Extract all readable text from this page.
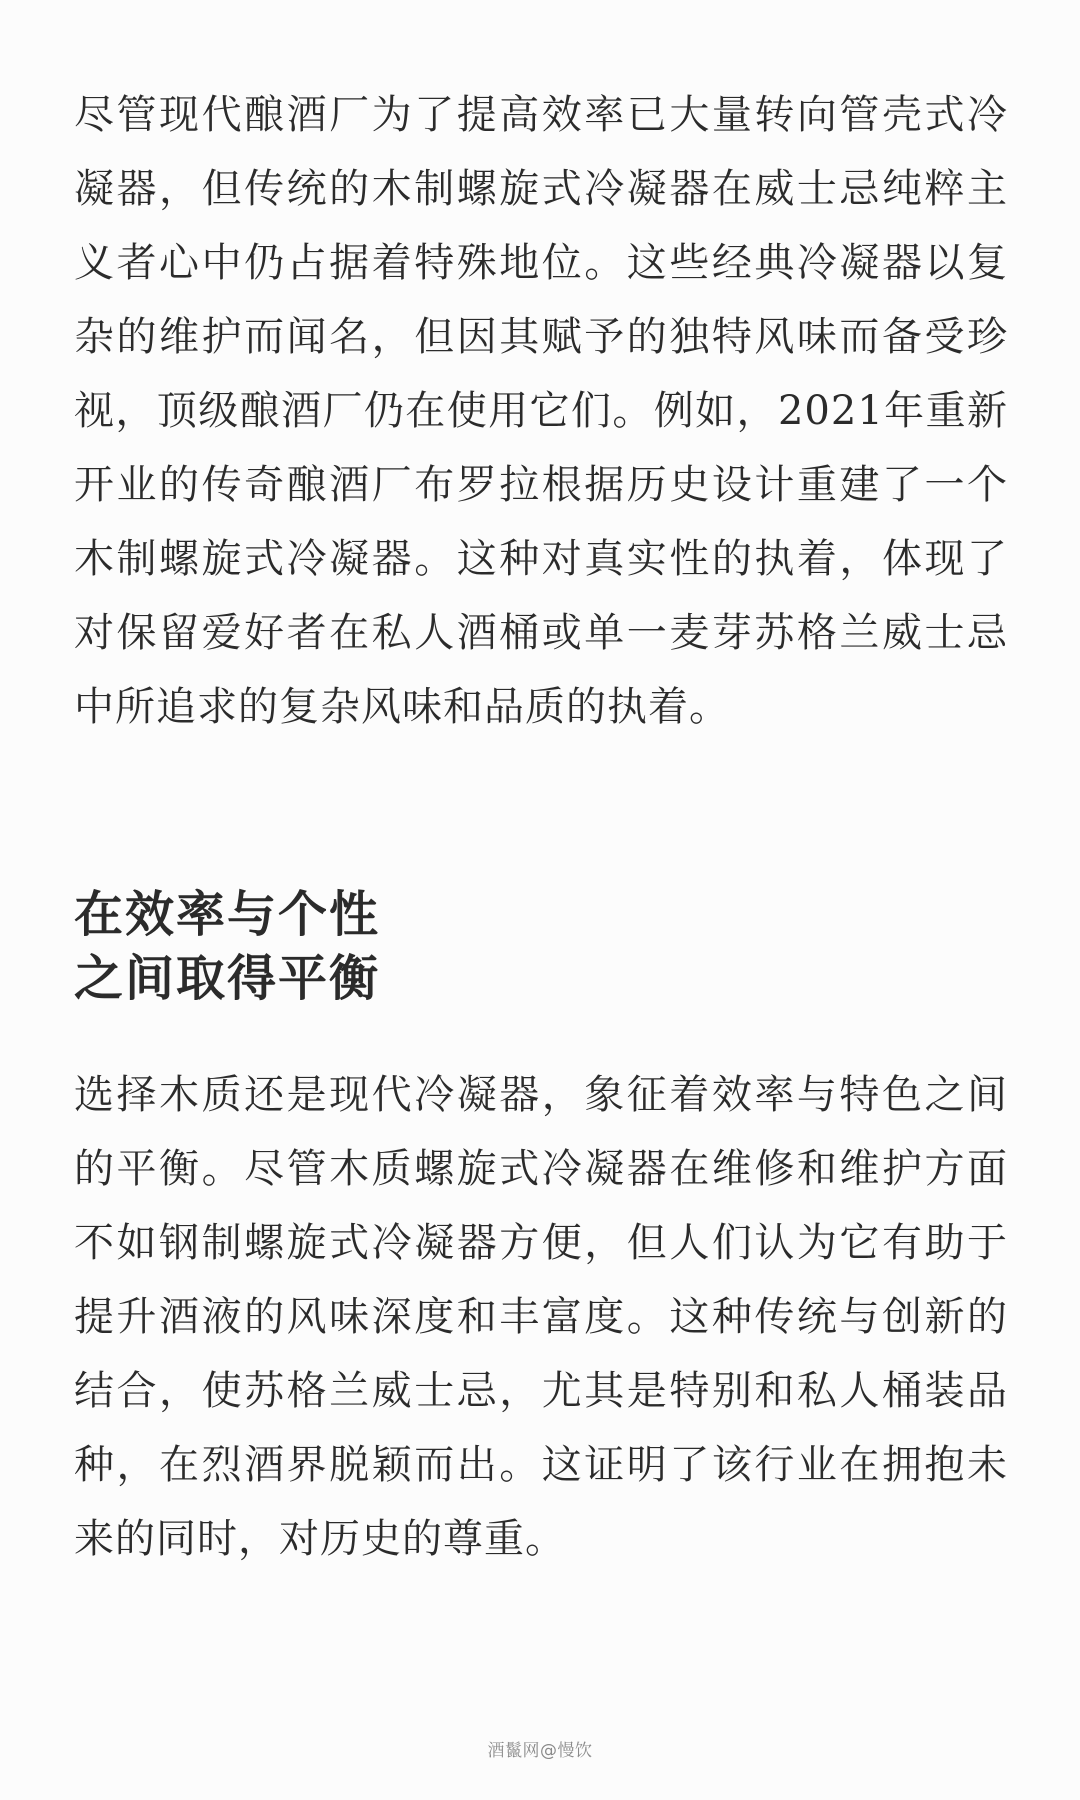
尽管现代酿酒厂为了提高效率已大量转向管壳式冷凝器，但传统的木制螺旋式冷凝器在威士忌纯粹主义者心中仍占据着特殊地位。这些经典冷凝器以复杂的维护而闻名，但因其赋予的独特风味而备受珍视，顶级酿酒厂仍在使用它们。例如，2021年重新开业的传奇酿酒厂布罗拉根据历史设计重建了一个木制螺旋式冷凝器。这种对真实性的执着，体现了对保留爱好者在私人酒桶或单一麦芽苏格兰威士忌中所追求的复杂风味和品质的执着。

在效率与个性
之间取得平衡

选择木质还是现代冷凝器，象征着效率与特色之间的平衡。尽管木质螺旋式冷凝器在维修和维护方面不如钢制螺旋式冷凝器方便，但人们认为它有助于提升酒液的风味深度和丰富度。这种传统与创新的结合，使苏格兰威士忌，尤其是特别和私人桶装品种，在烈酒界脱颖而出。这证明了该行业在拥抱未来的同时，对历史的尊重。

酒鬣网@慢饮
